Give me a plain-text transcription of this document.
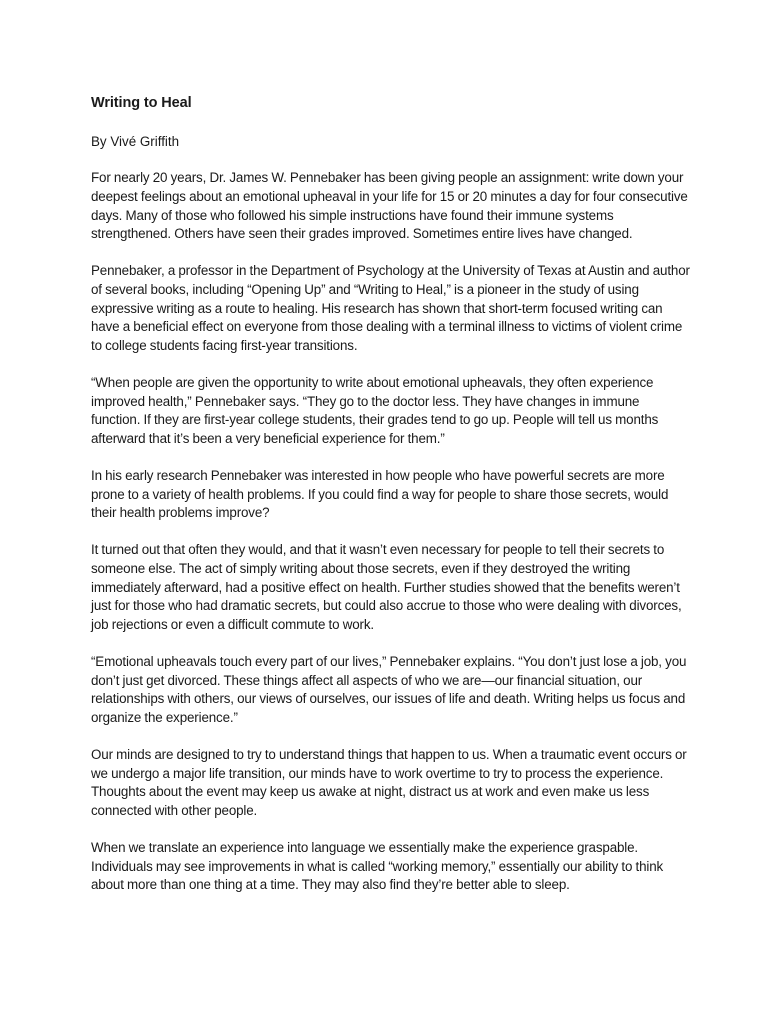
Writing to Heal

By Vivé Griffith

For nearly 20 years, Dr. James W. Pennebaker has been giving people an assignment: write down your deepest feelings about an emotional upheaval in your life for 15 or 20 minutes a day for four consecutive days. Many of those who followed his simple instructions have found their immune systems strengthened. Others have seen their grades improved. Sometimes entire lives have changed.

Pennebaker, a professor in the Department of Psychology at the University of Texas at Austin and author of several books, including “Opening Up” and “Writing to Heal,” is a pioneer in the study of using expressive writing as a route to healing. His research has shown that short-term focused writing can have a beneficial effect on everyone from those dealing with a terminal illness to victims of violent crime to college students facing first-year transitions.

“When people are given the opportunity to write about emotional upheavals, they often experience improved health,” Pennebaker says. “They go to the doctor less. They have changes in immune function. If they are first-year college students, their grades tend to go up. People will tell us months afterward that it’s been a very beneficial experience for them.”

In his early research Pennebaker was interested in how people who have powerful secrets are more prone to a variety of health problems. If you could find a way for people to share those secrets, would their health problems improve?

It turned out that often they would, and that it wasn’t even necessary for people to tell their secrets to someone else. The act of simply writing about those secrets, even if they destroyed the writing immediately afterward, had a positive effect on health. Further studies showed that the benefits weren’t just for those who had dramatic secrets, but could also accrue to those who were dealing with divorces, job rejections or even a difficult commute to work.

“Emotional upheavals touch every part of our lives,” Pennebaker explains. “You don’t just lose a job, you don’t just get divorced. These things affect all aspects of who we are—our financial situation, our relationships with others, our views of ourselves, our issues of life and death. Writing helps us focus and organize the experience.”

Our minds are designed to try to understand things that happen to us. When a traumatic event occurs or we undergo a major life transition, our minds have to work overtime to try to process the experience. Thoughts about the event may keep us awake at night, distract us at work and even make us less connected with other people.

When we translate an experience into language we essentially make the experience graspable. Individuals may see improvements in what is called “working memory,” essentially our ability to think about more than one thing at a time. They may also find they’re better able to sleep.
